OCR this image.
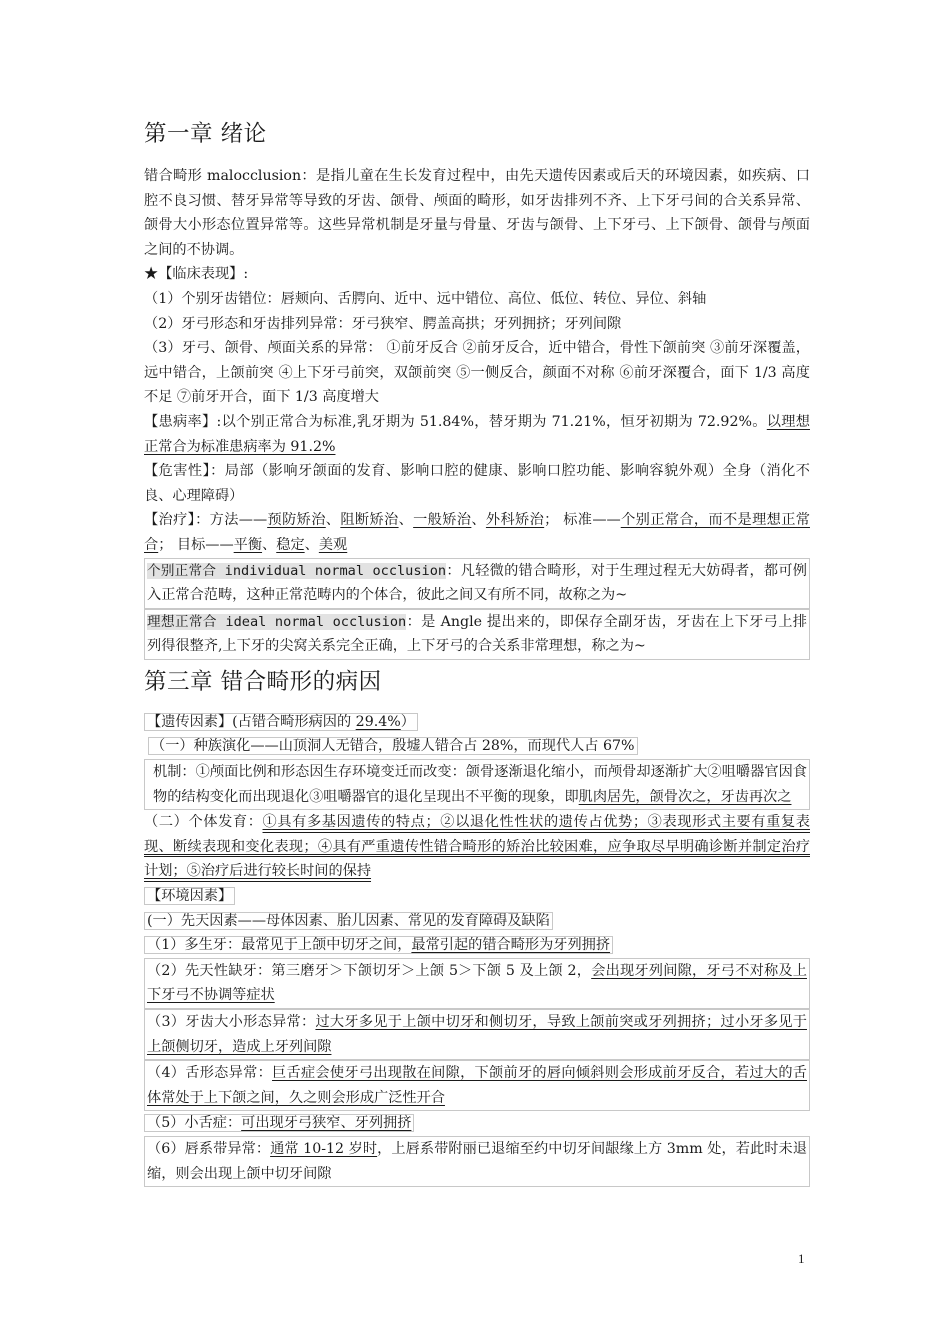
第一章 绪论

错合畸形 malocclusion：是指儿童在生长发育过程中，由先天遗传因素或后天的环境因素，如疾病、口腔不良习惯、替牙异常等导致的牙齿、颌骨、颅面的畸形，如牙齿排列不齐、上下牙弓间的合关系异常、颌骨大小形态位置异常等。这些异常机制是牙量与骨量、牙齿与颌骨、上下牙弓、上下颌骨、颌骨与颅面之间的不协调。

★【临床表现】:

（1）个别牙齿错位：唇颊向、舌腭向、近中、远中错位、高位、低位、转位、异位、斜轴

（2）牙弓形态和牙齿排列异常：牙弓狭窄、腭盖高拱；牙列拥挤；牙列间隙

（3）牙弓、颌骨、颅面关系的异常： ①前牙反合 ②前牙反合，近中错合，骨性下颌前突 ③前牙深覆盖，远中错合，上颌前突 ④上下牙弓前突，双颌前突 ⑤一侧反合，颜面不对称 ⑥前牙深覆合，面下 1/3 高度不足 ⑦前牙开合，面下 1/3 高度增大

【患病率】:以个别正常合为标准,乳牙期为 51.84%，替牙期为 71.21%，恒牙初期为 72.92%。以理想正常合为标准患病率为 91.2%

【危害性】：局部（影响牙颌面的发育、影响口腔的健康、影响口腔功能、影响容貌外观）全身（消化不良、心理障碍）

【治疗】：方法——预防矫治、阻断矫治、一般矫治、外科矫治； 标准——个别正常合，而不是理想正常合； 目标——平衡、稳定、美观

个别正常合 individual normal occlusion：凡轻微的错合畸形，对于生理过程无大妨碍者，都可例入正常合范畴，这种正常范畴内的个体合，彼此之间又有所不同，故称之为~

理想正常合 ideal normal occlusion：是 Angle 提出来的，即保存全副牙齿，牙齿在上下牙弓上排列得很整齐,上下牙的尖窝关系完全正确，上下牙弓的合关系非常理想，称之为~

第三章 错合畸形的病因

【遗传因素】(占错合畸形病因的 29.4%）

（一）种族演化——山顶洞人无错合，殷墟人错合占 28%，而现代人占 67%

机制：①颅面比例和形态因生存环境变迁而改变：颌骨逐渐退化缩小，而颅骨却逐渐扩大②咀嚼器官因食物的结构变化而出现退化③咀嚼器官的退化呈现出不平衡的现象，即肌肉居先，颌骨次之，牙齿再次之

（二）个体发育：①具有多基因遗传的特点；②以退化性性状的遗传占优势；③表现形式主要有重复表现、断续表现和变化表现；④具有严重遗传性错合畸形的矫治比较困难，应争取尽早明确诊断并制定治疗计划；⑤治疗后进行较长时间的保持

【环境因素】

(一）先天因素——母体因素、胎儿因素、常见的发育障碍及缺陷

（1）多生牙：最常见于上颌中切牙之间，最常引起的错合畸形为牙列拥挤

（2）先天性缺牙：第三磨牙＞下颌切牙＞上颌 5＞下颌 5 及上颌 2，会出现牙列间隙，牙弓不对称及上下牙弓不协调等症状

（3）牙齿大小形态异常：过大牙多见于上颌中切牙和侧切牙，导致上颌前突或牙列拥挤；过小牙多见于上颌侧切牙，造成上牙列间隙

（4）舌形态异常：巨舌症会使牙弓出现散在间隙，下颌前牙的唇向倾斜则会形成前牙反合，若过大的舌体常处于上下颌之间，久之则会形成广泛性开合

（5）小舌症：可出现牙弓狭窄、牙列拥挤

（6）唇系带异常：通常 10-12 岁时，上唇系带附丽已退缩至约中切牙间龈缘上方 3mm 处，若此时未退缩，则会出现上颌中切牙间隙

1
